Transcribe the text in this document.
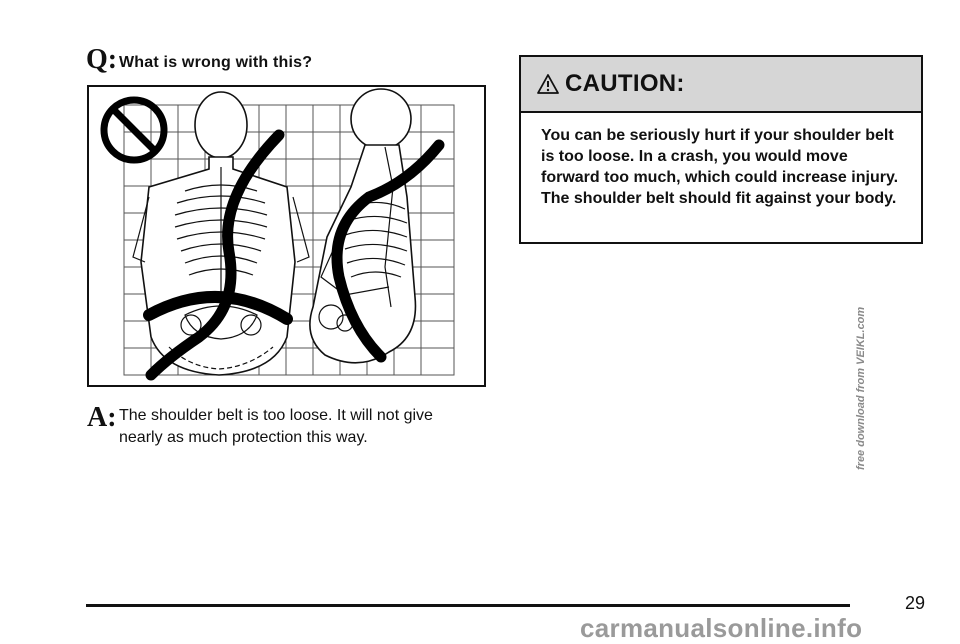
Q: What is wrong with this?
A: The shoulder belt is too loose. It will not give nearly as much protection this way.
CAUTION:
You can be seriously hurt if your shoulder belt is too loose. In a crash, you would move forward too much, which could increase injury. The shoulder belt should fit against your body.
29
free download from VEIKL.com
carmanualsonline.info
